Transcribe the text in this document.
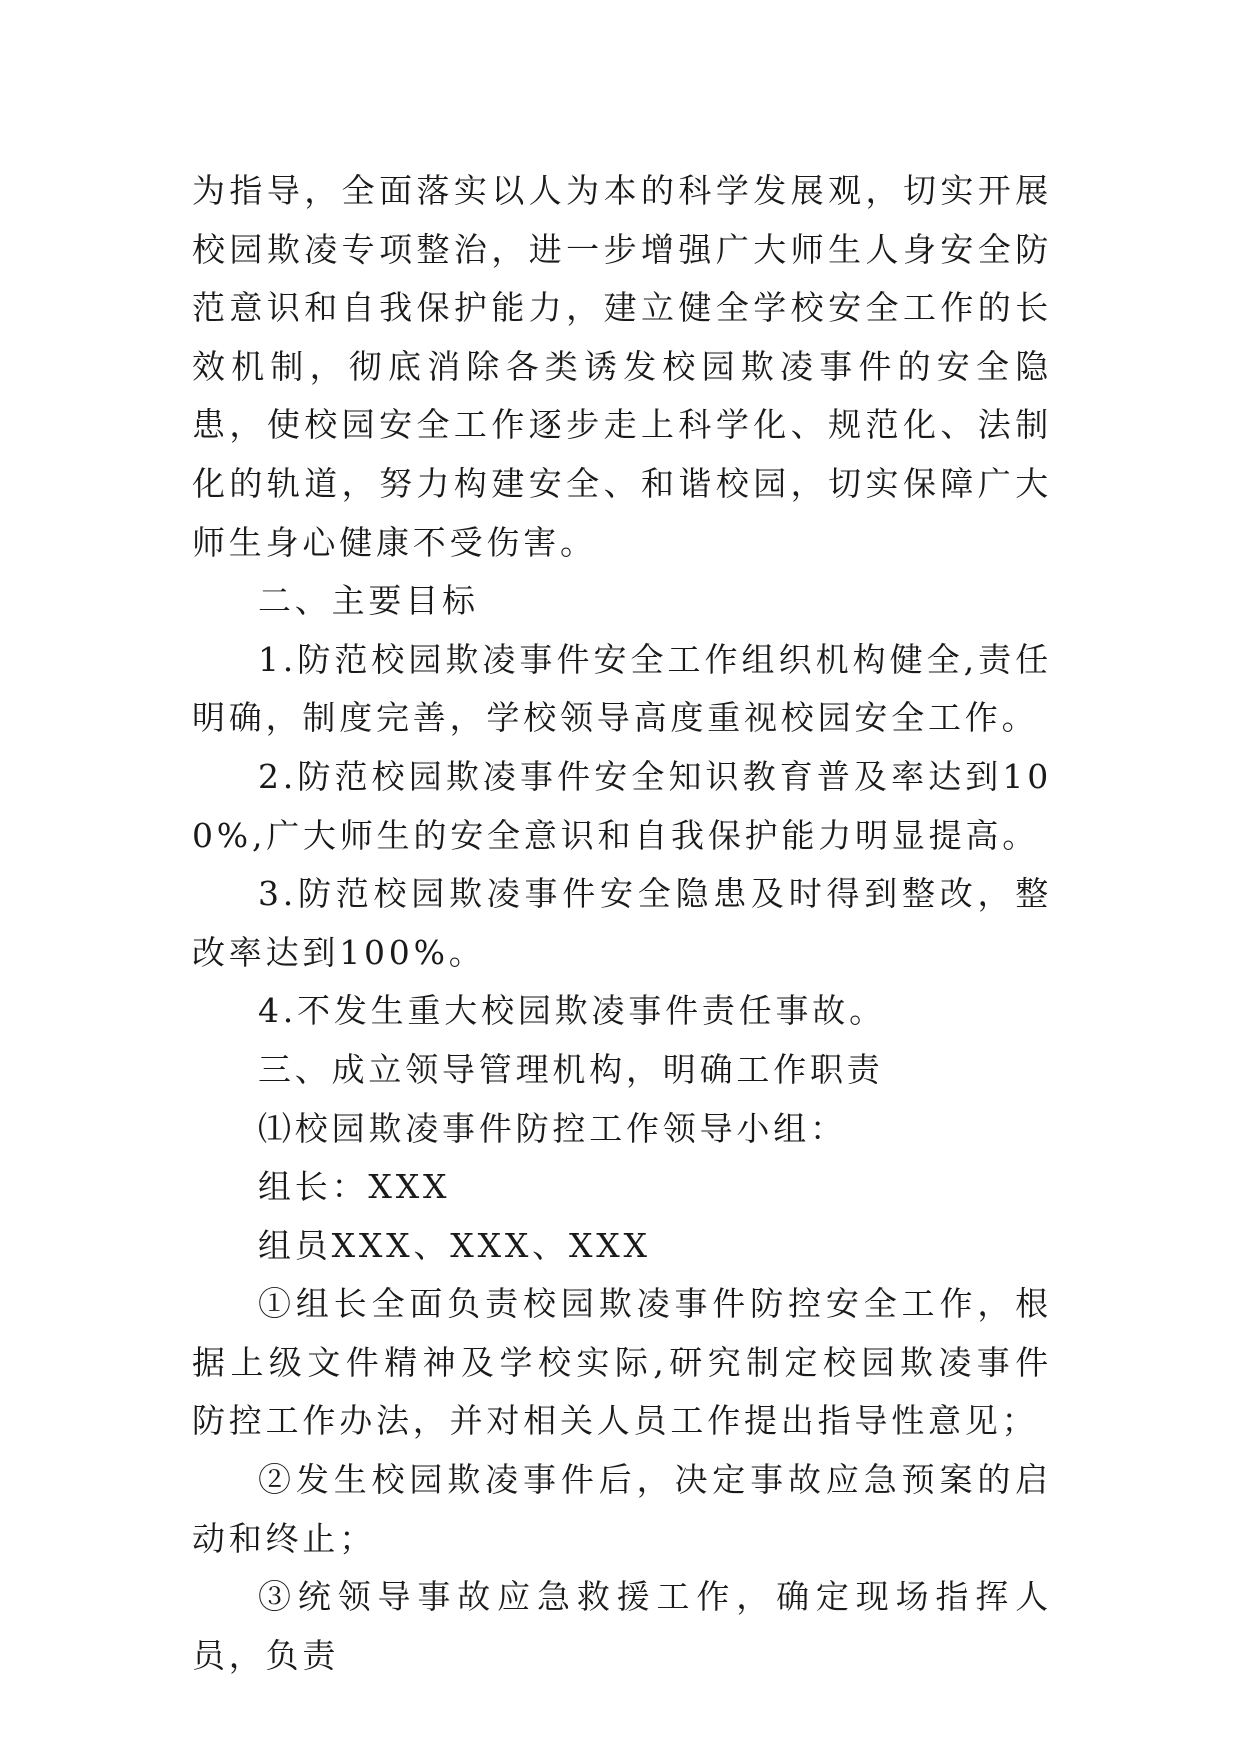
为指导，全面落实以人为本的科学发展观，切实开展校园欺凌专项整治，进一步增强广大师生人身安全防范意识和自我保护能力，建立健全学校安全工作的长效机制，彻底消除各类诱发校园欺凌事件的安全隐患，使校园安全工作逐步走上科学化、规范化、法制化的轨道，努力构建安全、和谐校园，切实保障广大师生身心健康不受伤害。

二、主要目标

1.防范校园欺凌事件安全工作组织机构健全,责任明确，制度完善，学校领导高度重视校园安全工作。

2.防范校园欺凌事件安全知识教育普及率达到100%,广大师生的安全意识和自我保护能力明显提高。

3.防范校园欺凌事件安全隐患及时得到整改，整改率达到100%。

4.不发生重大校园欺凌事件责任事故。

三、成立领导管理机构，明确工作职责

⑴校园欺凌事件防控工作领导小组：

组长：XXX

组员XXX、XXX、XXX

①组长全面负责校园欺凌事件防控安全工作，根据上级文件精神及学校实际,研究制定校园欺凌事件防控工作办法，并对相关人员工作提出指导性意见；

②发生校园欺凌事件后，决定事故应急预案的启动和终止；

③统领导事故应急救援工作，确定现场指挥人员，负责
